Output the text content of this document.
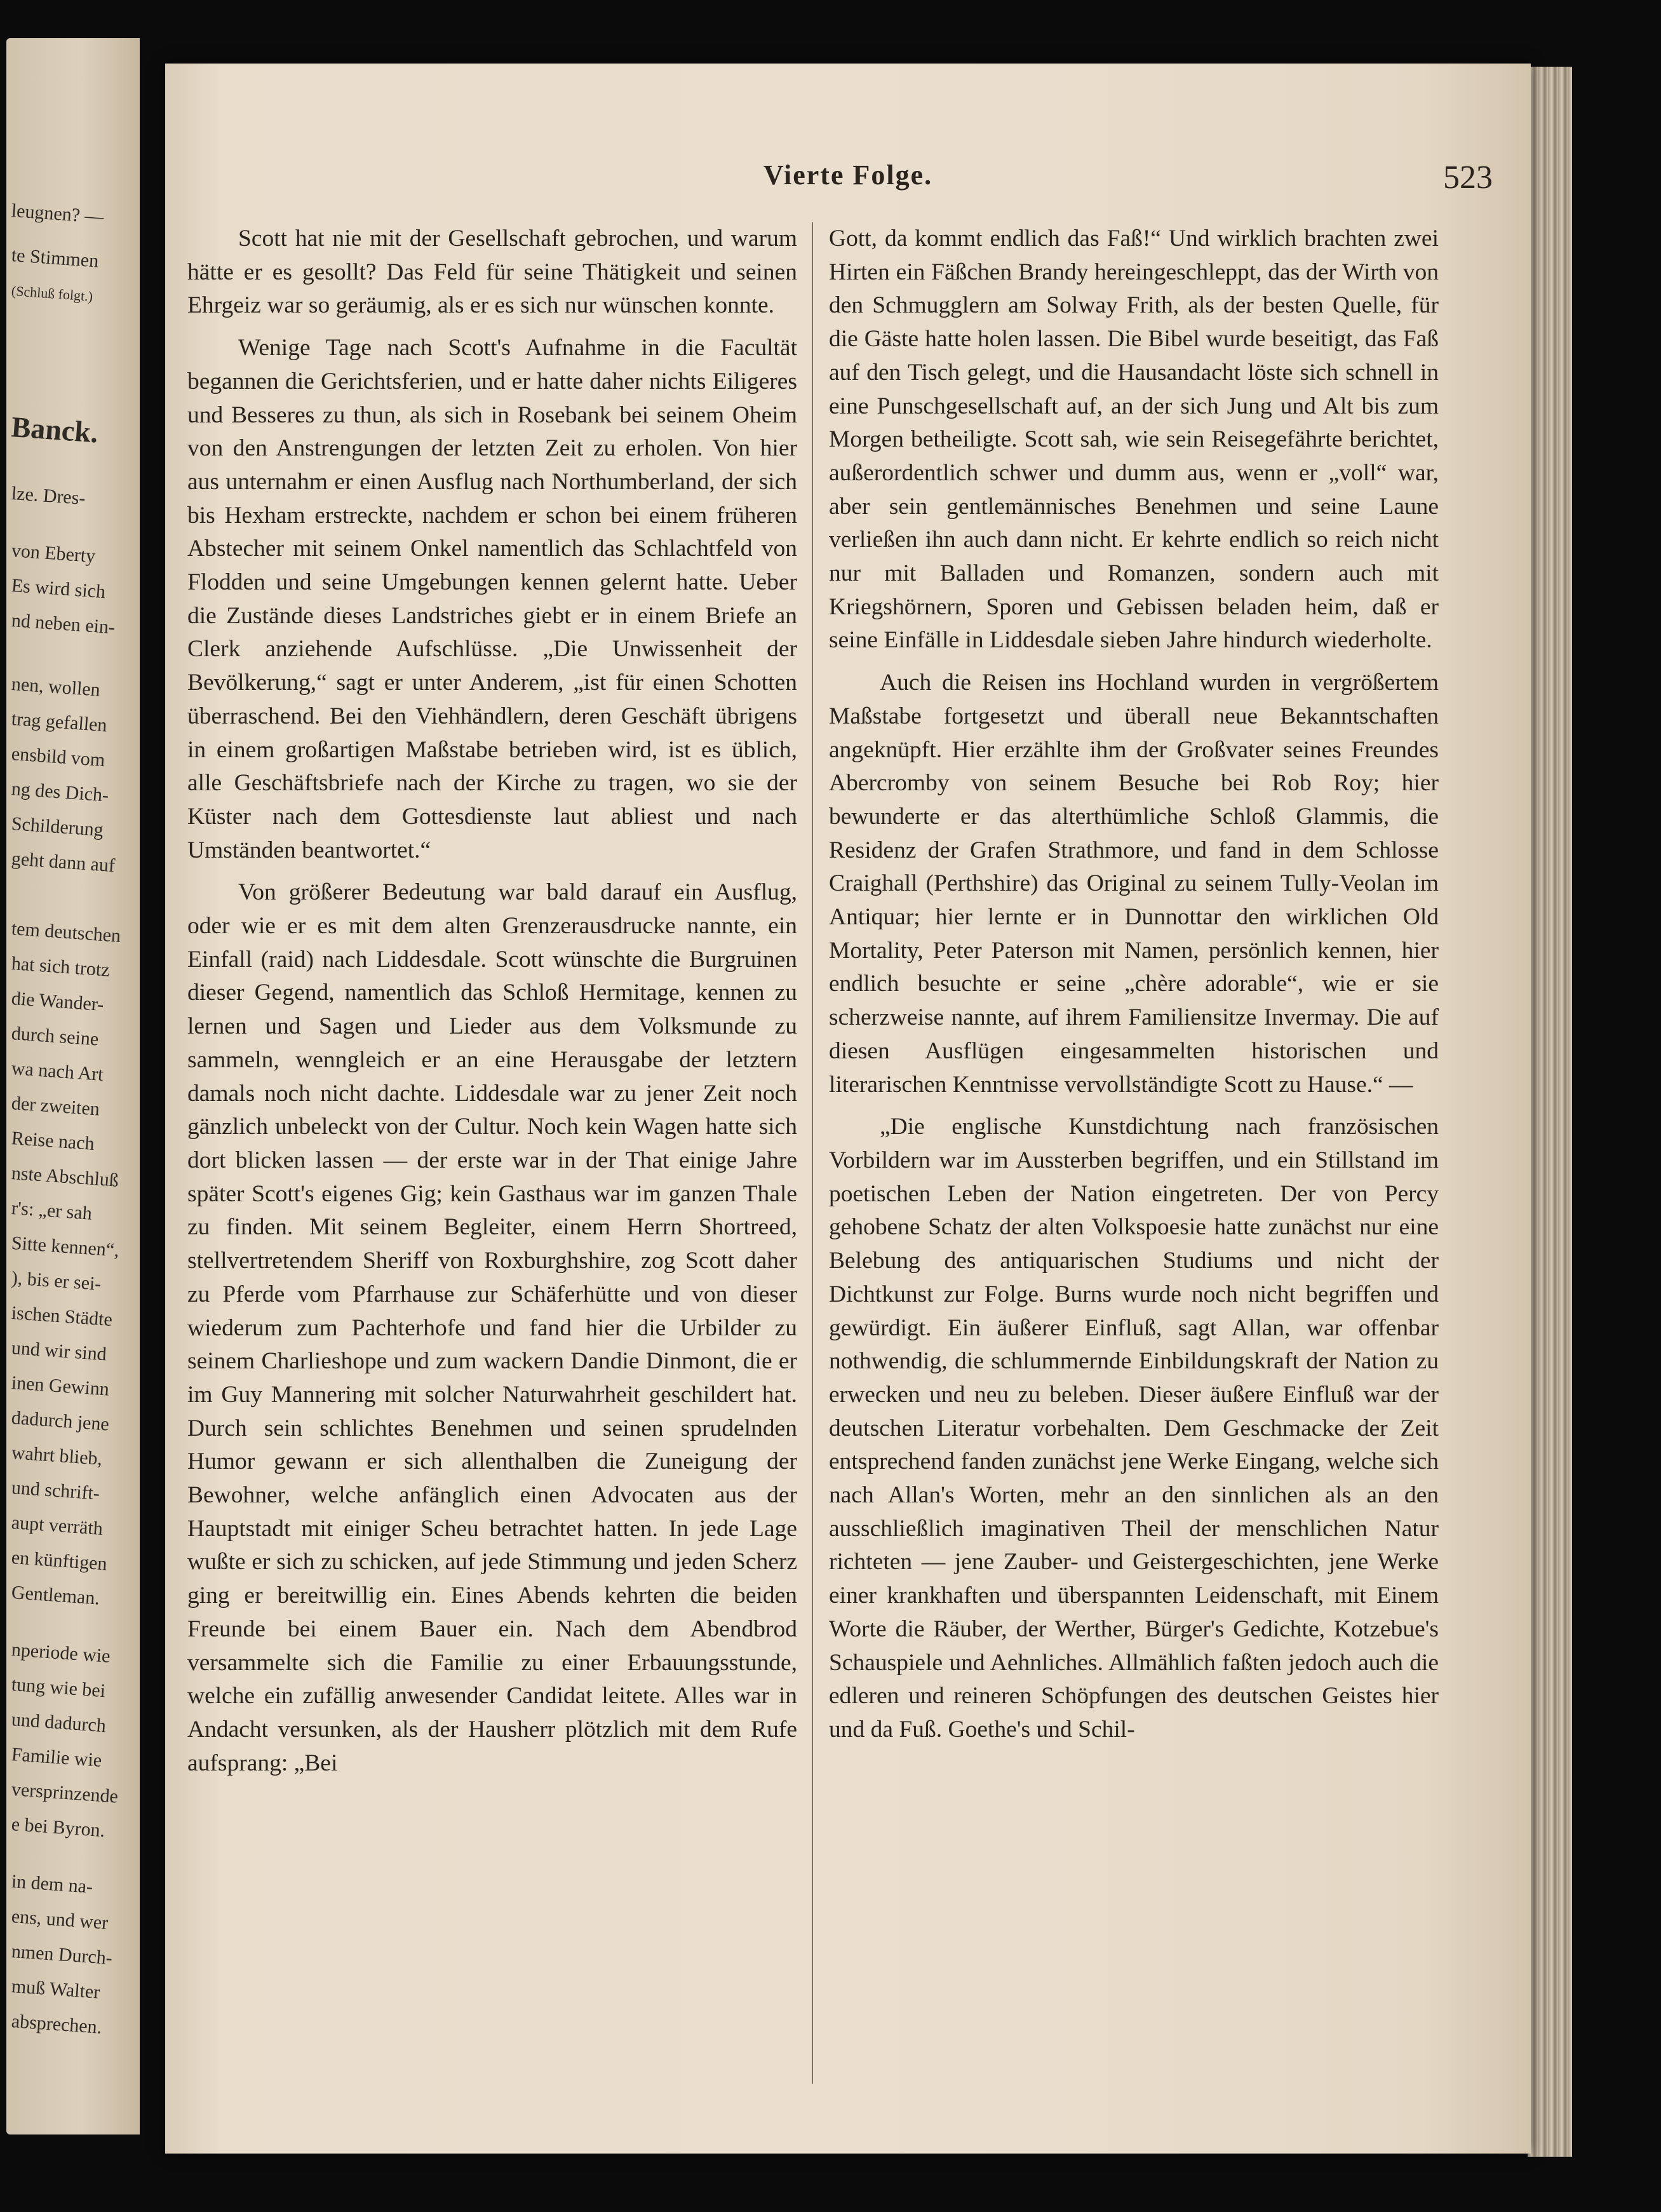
leugnen? —
te Stimmen
(Schluß folgt.)
Banck.
lze. Dres-
von Eberty
Es wird sich
nd neben ein-
nen, wollen
trag gefallen
ensbild vom
ng des Dich-
Schilderung
geht dann auf
tem deutschen
hat sich trotz
die Wander-
durch seine
wa nach Art
der zweiten
Reise nach
nste Abschluß
r's: „er sah
Sitte kennen“,
), bis er sei-
ischen Städte
und wir sind
inen Gewinn
dadurch jene
wahrt blieb,
und schrift-
aupt verräth
en künftigen
Gentleman.
nperiode wie
tung wie bei
und dadurch
Familie wie
versprinzende
e bei Byron.
in dem na-
ens, und wer
nmen Durch-
muß Walter
absprechen.
Vierte Folge.	523

Scott hat nie mit der Gesellschaft gebrochen, und warum hätte er es gesollt? Das Feld für seine Thätigkeit und seinen Ehrgeiz war so geräumig, als er es sich nur wünschen konnte.

Wenige Tage nach Scott's Aufnahme in die Facultät begannen die Gerichtsferien, und er hatte daher nichts Eiligeres und Besseres zu thun, als sich in Rosebank bei seinem Oheim von den Anstrengungen der letzten Zeit zu erholen. Von hier aus unternahm er einen Ausflug nach Northumberland, der sich bis Hexham erstreckte, nachdem er schon bei einem früheren Abstecher mit seinem Onkel namentlich das Schlachtfeld von Flodden und seine Umgebungen kennen gelernt hatte. Ueber die Zustände dieses Landstriches giebt er in einem Briefe an Clerk anziehende Aufschlüsse. „Die Unwissenheit der Bevölkerung,“ sagt er unter Anderem, „ist für einen Schotten überraschend. Bei den Viehhändlern, deren Geschäft übrigens in einem großartigen Maßstabe betrieben wird, ist es üblich, alle Geschäftsbriefe nach der Kirche zu tragen, wo sie der Küster nach dem Gottesdienste laut abliest und nach Umständen beantwortet.“

Von größerer Bedeutung war bald darauf ein Ausflug, oder wie er es mit dem alten Grenzerausdrucke nannte, ein Einfall (raid) nach Liddesdale. Scott wünschte die Burgruinen dieser Gegend, namentlich das Schloß Hermitage, kennen zu lernen und Sagen und Lieder aus dem Volksmunde zu sammeln, wenngleich er an eine Herausgabe der letztern damals noch nicht dachte. Liddesdale war zu jener Zeit noch gänzlich unbeleckt von der Cultur. Noch kein Wagen hatte sich dort blicken lassen — der erste war in der That einige Jahre später Scott's eigenes Gig; kein Gasthaus war im ganzen Thale zu finden. Mit seinem Begleiter, einem Herrn Shortreed, stellvertretendem Sheriff von Roxburghshire, zog Scott daher zu Pferde vom Pfarrhause zur Schäferhütte und von dieser wiederum zum Pachterhofe und fand hier die Urbilder zu seinem Charlieshope und zum wackern Dandie Dinmont, die er im Guy Mannering mit solcher Naturwahrheit geschildert hat. Durch sein schlichtes Benehmen und seinen sprudelnden Humor gewann er sich allenthalben die Zuneigung der Bewohner, welche anfänglich einen Advocaten aus der Hauptstadt mit einiger Scheu betrachtet hatten. In jede Lage wußte er sich zu schicken, auf jede Stimmung und jeden Scherz ging er bereitwillig ein. Eines Abends kehrten die beiden Freunde bei einem Bauer ein. Nach dem Abendbrod versammelte sich die Familie zu einer Erbauungsstunde, welche ein zufällig anwesender Candidat leitete. Alles war in Andacht versunken, als der Hausherr plötzlich mit dem Rufe aufsprang: „Bei

Gott, da kommt endlich das Faß!“ Und wirklich brachten zwei Hirten ein Fäßchen Brandy hereingeschleppt, das der Wirth von den Schmugglern am Solway Frith, als der besten Quelle, für die Gäste hatte holen lassen. Die Bibel wurde beseitigt, das Faß auf den Tisch gelegt, und die Hausandacht löste sich schnell in eine Punschgesellschaft auf, an der sich Jung und Alt bis zum Morgen betheiligte. Scott sah, wie sein Reisegefährte berichtet, außerordentlich schwer und dumm aus, wenn er „voll“ war, aber sein gentlemännisches Benehmen und seine Laune verließen ihn auch dann nicht. Er kehrte endlich so reich nicht nur mit Balladen und Romanzen, sondern auch mit Kriegshörnern, Sporen und Gebissen beladen heim, daß er seine Einfälle in Liddesdale sieben Jahre hindurch wiederholte.

Auch die Reisen ins Hochland wurden in vergrößertem Maßstabe fortgesetzt und überall neue Bekanntschaften angeknüpft. Hier erzählte ihm der Großvater seines Freundes Abercromby von seinem Besuche bei Rob Roy; hier bewunderte er das alterthümliche Schloß Glammis, die Residenz der Grafen Strathmore, und fand in dem Schlosse Craighall (Perthshire) das Original zu seinem Tully-Veolan im Antiquar; hier lernte er in Dunnottar den wirklichen Old Mortality, Peter Paterson mit Namen, persönlich kennen, hier endlich besuchte er seine „chère adorable“, wie er sie scherzweise nannte, auf ihrem Familiensitze Invermay. Die auf diesen Ausflügen eingesammelten historischen und literarischen Kenntnisse vervollständigte Scott zu Hause.“ —

„Die englische Kunstdichtung nach französischen Vorbildern war im Aussterben begriffen, und ein Stillstand im poetischen Leben der Nation eingetreten. Der von Percy gehobene Schatz der alten Volkspoesie hatte zunächst nur eine Belebung des antiquarischen Studiums und nicht der Dichtkunst zur Folge. Burns wurde noch nicht begriffen und gewürdigt. Ein äußerer Einfluß, sagt Allan, war offenbar nothwendig, die schlummernde Einbildungskraft der Nation zu erwecken und neu zu beleben. Dieser äußere Einfluß war der deutschen Literatur vorbehalten. Dem Geschmacke der Zeit entsprechend fanden zunächst jene Werke Eingang, welche sich nach Allan's Worten, mehr an den sinnlichen als an den ausschließlich imaginativen Theil der menschlichen Natur richteten — jene Zauber- und Geistergeschichten, jene Werke einer krankhaften und überspannten Leidenschaft, mit Einem Worte die Räuber, der Werther, Bürger's Gedichte, Kotzebue's Schauspiele und Aehnliches. Allmählich faßten jedoch auch die edleren und reineren Schöpfungen des deutschen Geistes hier und da Fuß. Goethe's und Schil-
